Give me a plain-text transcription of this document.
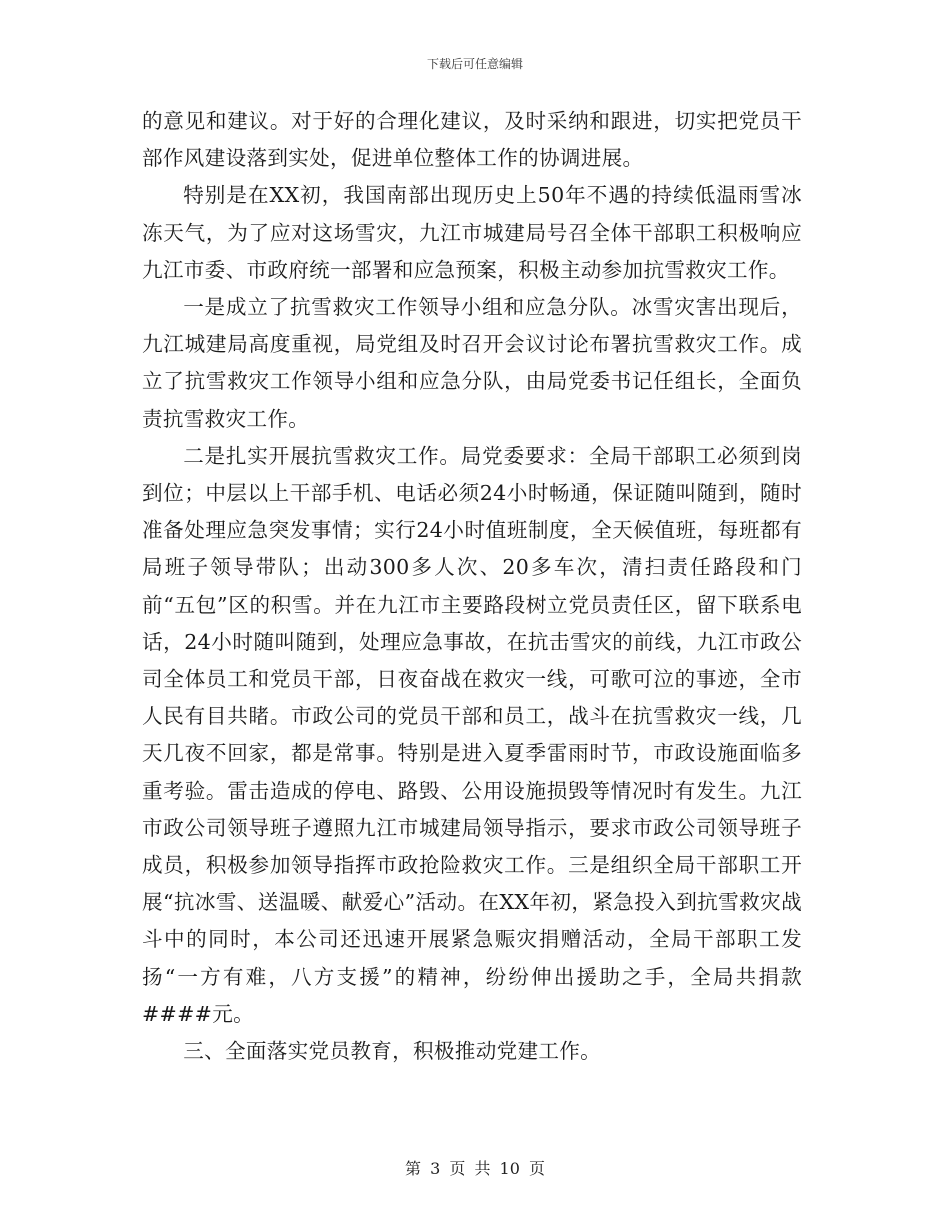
下载后可任意编辑

的意见和建议。对于好的合理化建议，及时采纳和跟进，切实把党员干部作风建设落到实处，促进单位整体工作的协调进展。

特别是在XX初，我国南部出现历史上50年不遇的持续低温雨雪冰冻天气，为了应对这场雪灾，九江市城建局号召全体干部职工积极响应九江市委、市政府统一部署和应急预案，积极主动参加抗雪救灾工作。

一是成立了抗雪救灾工作领导小组和应急分队。冰雪灾害出现后，九江城建局高度重视，局党组及时召开会议讨论布署抗雪救灾工作。成立了抗雪救灾工作领导小组和应急分队，由局党委书记任组长，全面负责抗雪救灾工作。

二是扎实开展抗雪救灾工作。局党委要求：全局干部职工必须到岗到位；中层以上干部手机、电话必须24小时畅通，保证随叫随到，随时准备处理应急突发事情；实行24小时值班制度，全天候值班，每班都有局班子领导带队；出动300多人次、20多车次，清扫责任路段和门前“五包”区的积雪。并在九江市主要路段树立党员责任区，留下联系电话，24小时随叫随到，处理应急事故，在抗击雪灾的前线，九江市政公司全体员工和党员干部，日夜奋战在救灾一线，可歌可泣的事迹，全市人民有目共睹。市政公司的党员干部和员工，战斗在抗雪救灾一线，几天几夜不回家，都是常事。特别是进入夏季雷雨时节，市政设施面临多重考验。雷击造成的停电、路毁、公用设施损毁等情况时有发生。九江市政公司领导班子遵照九江市城建局领导指示，要求市政公司领导班子成员，积极参加领导指挥市政抢险救灾工作。三是组织全局干部职工开展“抗冰雪、送温暖、献爱心”活动。在XX年初，紧急投入到抗雪救灾战斗中的同时，本公司还迅速开展紧急赈灾捐赠活动，全局干部职工发扬“一方有难，八方支援”的精神，纷纷伸出援助之手，全局共捐款####元。

三、全面落实党员教育，积极推动党建工作。

第 3 页 共 10 页
